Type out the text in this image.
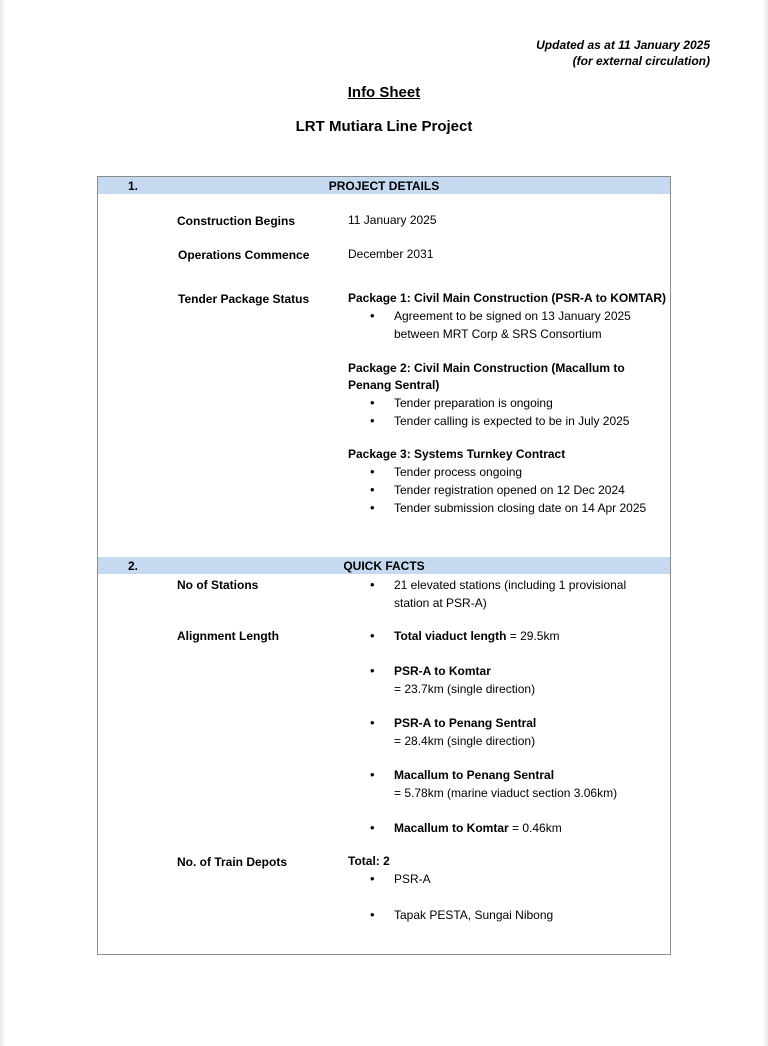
Updated as at 11 January 2025
(for external circulation)
Info Sheet
LRT Mutiara Line Project
1.	PROJECT DETAILS
Construction Begins	11 January 2025
Operations Commence	December 2031
Tender Package Status	Package 1: Civil Main Construction (PSR-A to KOMTAR)
• Agreement to be signed on 13 January 2025 between MRT Corp & SRS Consortium
Package 2: Civil Main Construction (Macallum to Penang Sentral)
• Tender preparation is ongoing
• Tender calling is expected to be in July 2025
Package 3: Systems Turnkey Contract
• Tender process ongoing
• Tender registration opened on 12 Dec 2024
• Tender submission closing date on 14 Apr 2025
2.	QUICK FACTS
No of Stations	• 21 elevated stations (including 1 provisional station at PSR-A)
Alignment Length	• Total viaduct length = 29.5km
• PSR-A to Komtar
= 23.7km (single direction)
• PSR-A to Penang Sentral
= 28.4km (single direction)
• Macallum to Penang Sentral
= 5.78km (marine viaduct section 3.06km)
• Macallum to Komtar = 0.46km
No. of Train Depots	Total: 2
• PSR-A
• Tapak PESTA, Sungai Nibong
